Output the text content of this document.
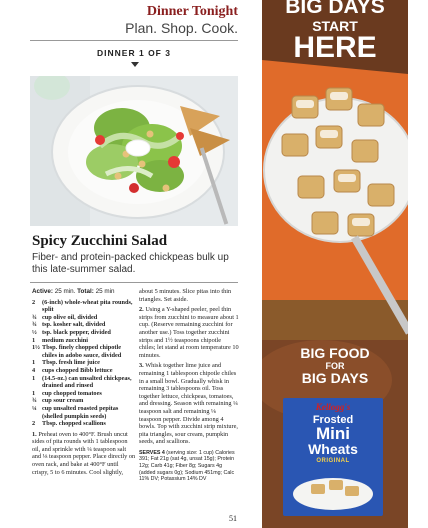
Dinner Tonight
Plan. Shop. Cook.
DINNER 1 OF 3
Spicy Zucchini Salad
Fiber- and protein-packed chickpeas bulk up this late-summer salad.
Active: 25 min. Total: 25 min
2	(6-inch) whole-wheat pita rounds, split
¾ cup olive oil, divided
¾ tsp. kosher salt, divided
½ tsp. black pepper, divided
1	medium zucchini
1½ Tbsp. finely chopped chipotle chiles in adobo sauce, divided
1	Tbsp. fresh lime juice
4	cups chopped Bibb lettuce
1	(14.5-oz.) can unsalted chickpeas, drained and rinsed
1	cup chopped tomatoes
¾ cup sour cream
¼ cup unsalted roasted pepitas (shelled pumpkin seeds)
2	Tbsp. chopped scallions
1. Preheat oven to 400°F. Brush uncut sides of pita rounds with 1 tablespoon oil, and sprinkle with ¼ teaspoon salt and ⅛ teaspoon pepper. Place directly on oven rack, and bake at 400°F until crispy, 5 to 6 minutes. Cool slightly,
about 5 minutes. Slice pitas into thin triangles. Set aside.
2. Using a Y-shaped peeler, peel thin strips from zucchini to measure about 1 cup. (Reserve remaining zucchini for another use.) Toss together zucchini strips and 1½ teaspoons chipotle chiles; let stand at room temperature 10 minutes.
3. Whisk together lime juice and remaining 1 tablespoon chipotle chiles in a small bowl. Gradually whisk in remaining 3 tablespoons oil. Toss together lettuce, chickpeas, tomatoes, and dressing. Season with remaining ¼ teaspoon salt and remaining ⅛ teaspoon pepper. Divide among 4 bowls. Top with zucchini strip mixture, pita triangles, sour cream, pumpkin seeds, and scallions.
SERVES 4 (serving size: 1 cup) Calories 391; Fat 21g (sat 4g, unsat 15g); Protein 12g; Carb 41g; Fiber 8g; Sugars 4g (added sugars 0g); Sodium 451mg; Calc 11% DV; Potassium 14% DV
51
BIG DAYS
START
HERE
BIG FOOD
FOR
BIG DAYS
Kellogg's
Frosted
Mini
Wheats
ORIGINAL
